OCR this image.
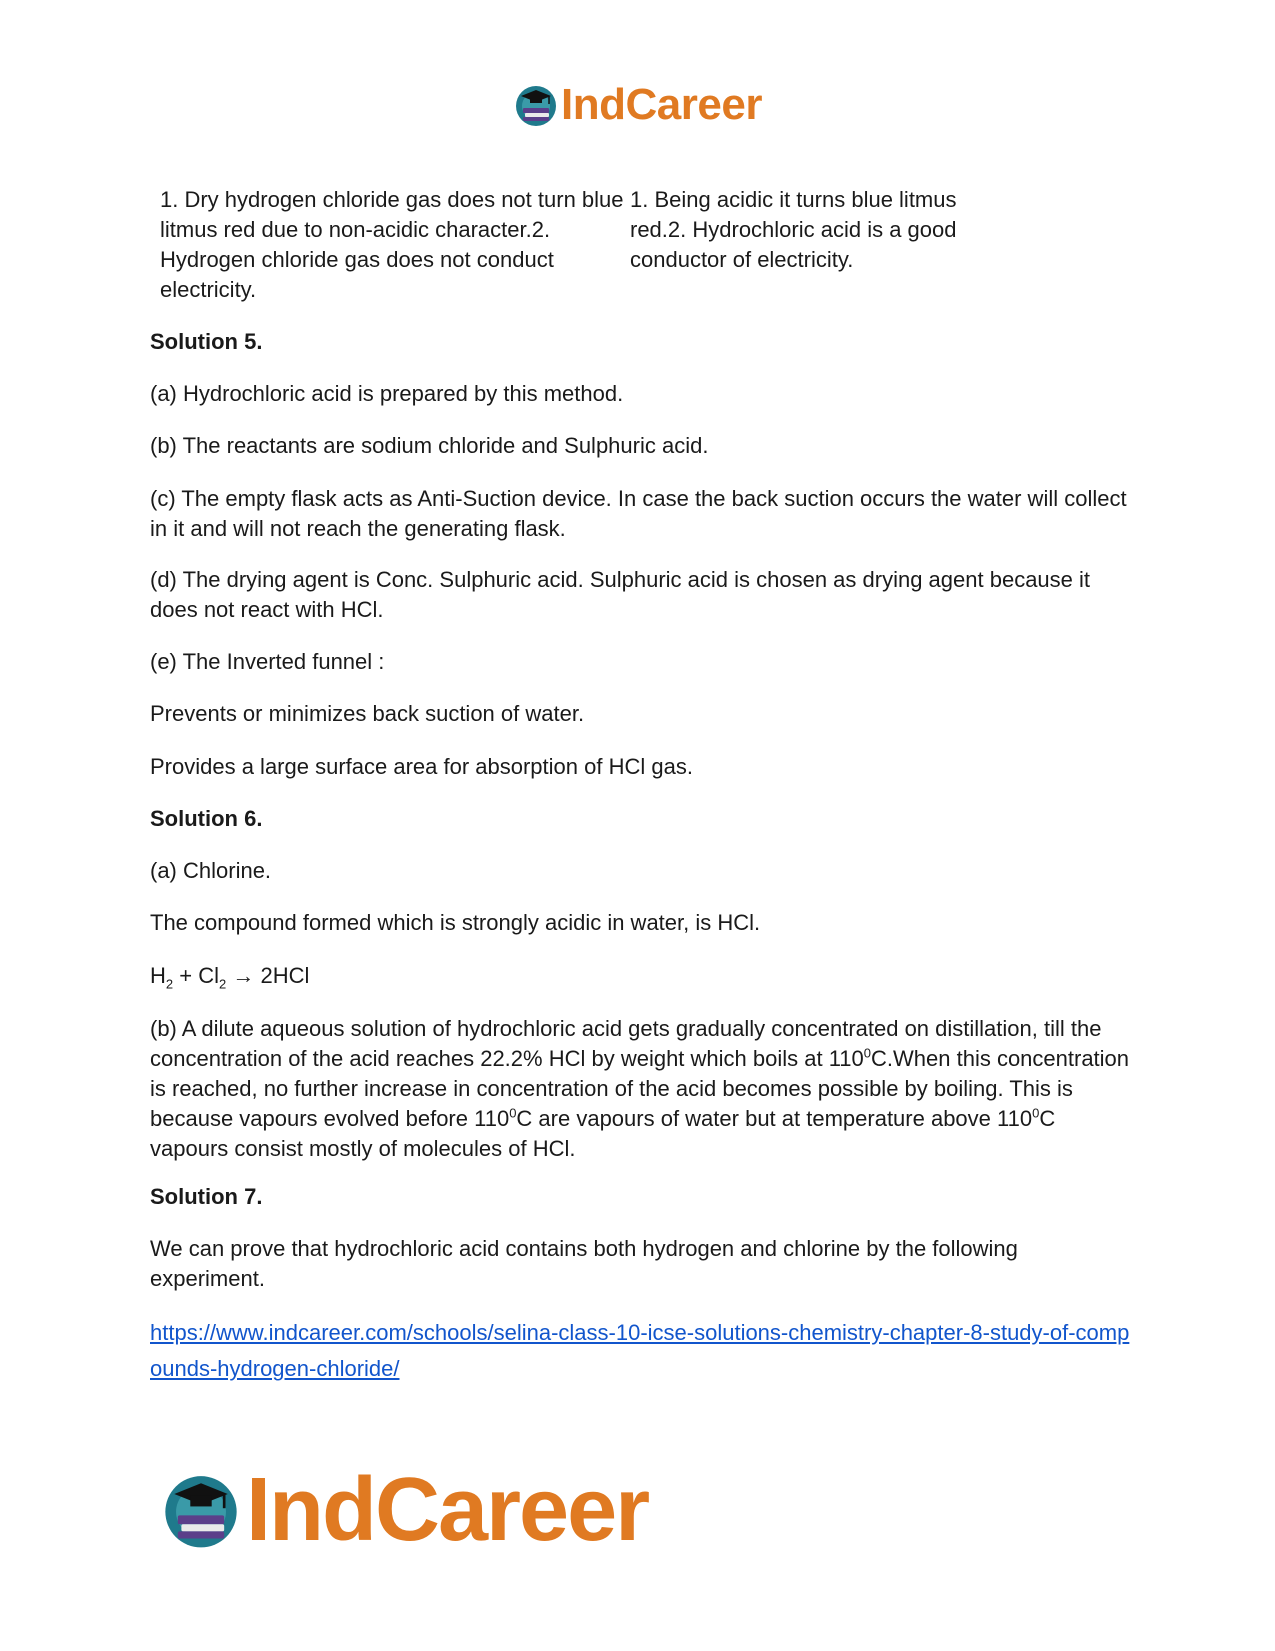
IndCareer
1. Dry hydrogen chloride gas does not turn blue litmus red due to non-acidic character.2. Hydrogen chloride gas does not conduct electricity.
1. Being acidic it turns blue litmus red.2. Hydrochloric acid is a good conductor of electricity.

Solution 5.

(a) Hydrochloric acid is prepared by this method.

(b) The reactants are sodium chloride and Sulphuric acid.

(c) The empty flask acts as Anti-Suction device. In case the back suction occurs the water will collect in it and will not reach the generating flask.

(d) The drying agent is Conc. Sulphuric acid. Sulphuric acid is chosen as drying agent because it does not react with HCl.

(e) The Inverted funnel :

Prevents or minimizes back suction of water.

Provides a large surface area for absorption of HCl gas.

Solution 6.

(a) Chlorine.

The compound formed which is strongly acidic in water, is HCl.

$H_2 + Cl_2 \to 2HCl$

(b) A dilute aqueous solution of hydrochloric acid gets gradually concentrated on distillation, till the concentration of the acid reaches 22.2% HCl by weight which boils at $110^0C.When$ this concentration is reached, no further increase in concentration of the acid becomes possible by boiling. This is because vapours evolved before $110^0C$ are vapours of water but at temperature above $110^0C$ vapours consist mostly of molecules of HCl.

Solution 7.

We can prove that hydrochloric acid contains both hydrogen and chlorine by the following experiment.

https://www.indcareer.com/schools/selina-class-10-icse-solutions-chemistry-chapter-8-study-of-compounds-hydrogen-chloride/
IndCareer
